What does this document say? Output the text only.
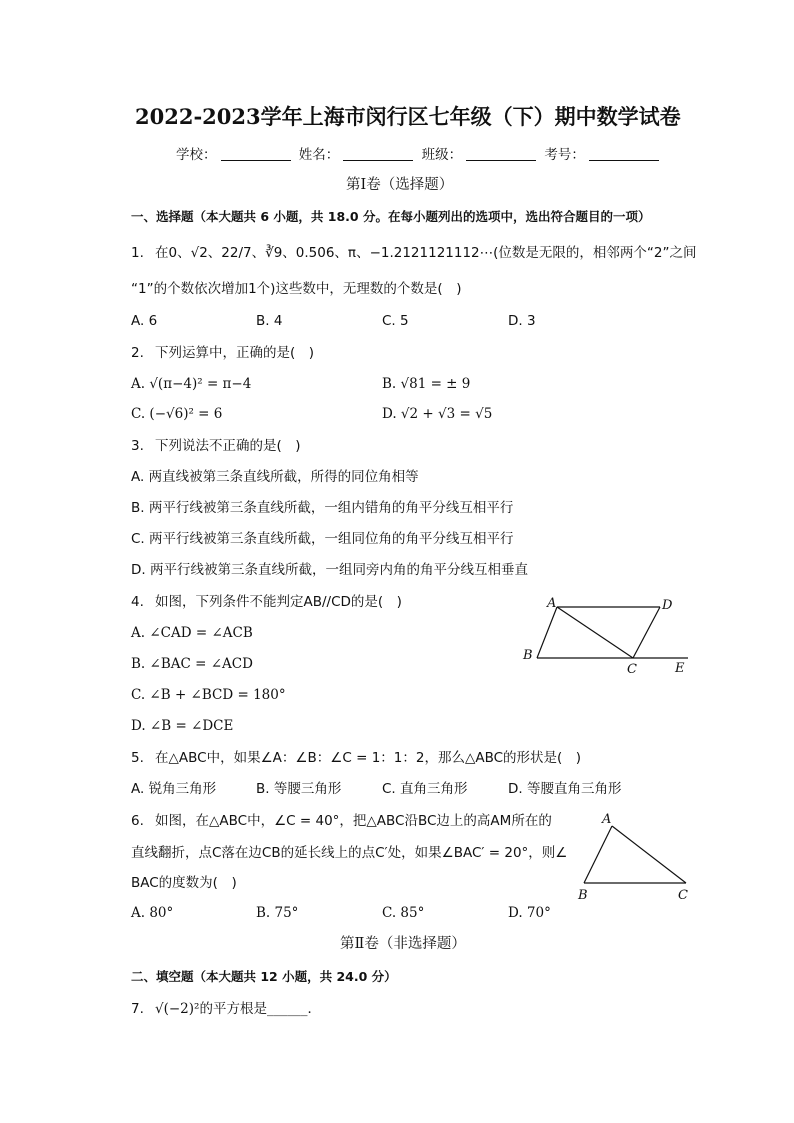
2022-2023学年上海市闵行区七年级（下）期中数学试卷
学校：	姓名：	班级：	考号：
第Ⅰ卷（选择题）
一、选择题（本大题共 6 小题，共 18.0 分。在每小题列出的选项中，选出符合题目的一项）
1. 在0、√2、22/7、∛9、0.5̇0̇6̇、π、−1.2121121112⋯(位数是无限的，相邻两个“2”之间
“1”的个数依次增加1个)这些数中，无理数的个数是(　)
A. 6	B. 4	C. 5	D. 3
2. 下列运算中，正确的是(　)
A. √(π−4)² = π−4	B. √81 = ± 9
C. (−√6)² = 6	D. √2 + √3 = √5
3. 下列说法不正确的是(　)
A. 两直线被第三条直线所截，所得的同位角相等
B. 两平行线被第三条直线所截，一组内错角的角平分线互相平行
C. 两平行线被第三条直线所截，一组同位角的角平分线互相平行
D. 两平行线被第三条直线所截，一组同旁内角的角平分线互相垂直
4. 如图，下列条件不能判定AB//CD的是(　)
A. ∠CAD = ∠ACB
B. ∠BAC = ∠ACD
C. ∠B + ∠BCD = 180°
D. ∠B = ∠DCE
A	D
B
C	E
5. 在△ABC中，如果∠A：∠B：∠C = 1：1：2，那么△ABC的形状是(　)
A. 锐角三角形	B. 等腰三角形	C. 直角三角形	D. 等腰直角三角形
6. 如图，在△ABC中，∠C = 40°，把△ABC沿BC边上的高AM所在的
直线翻折，点C落在边CB的延长线上的点C′处，如果∠BAC′ = 20°，则∠
BAC的度数为(　)
A. 80°	B. 75°	C. 85°	D. 70°
A
B	C
第Ⅱ卷（非选择题）
二、填空题（本大题共 12 小题，共 24.0 分）
7. √(−2)²的平方根是______．
